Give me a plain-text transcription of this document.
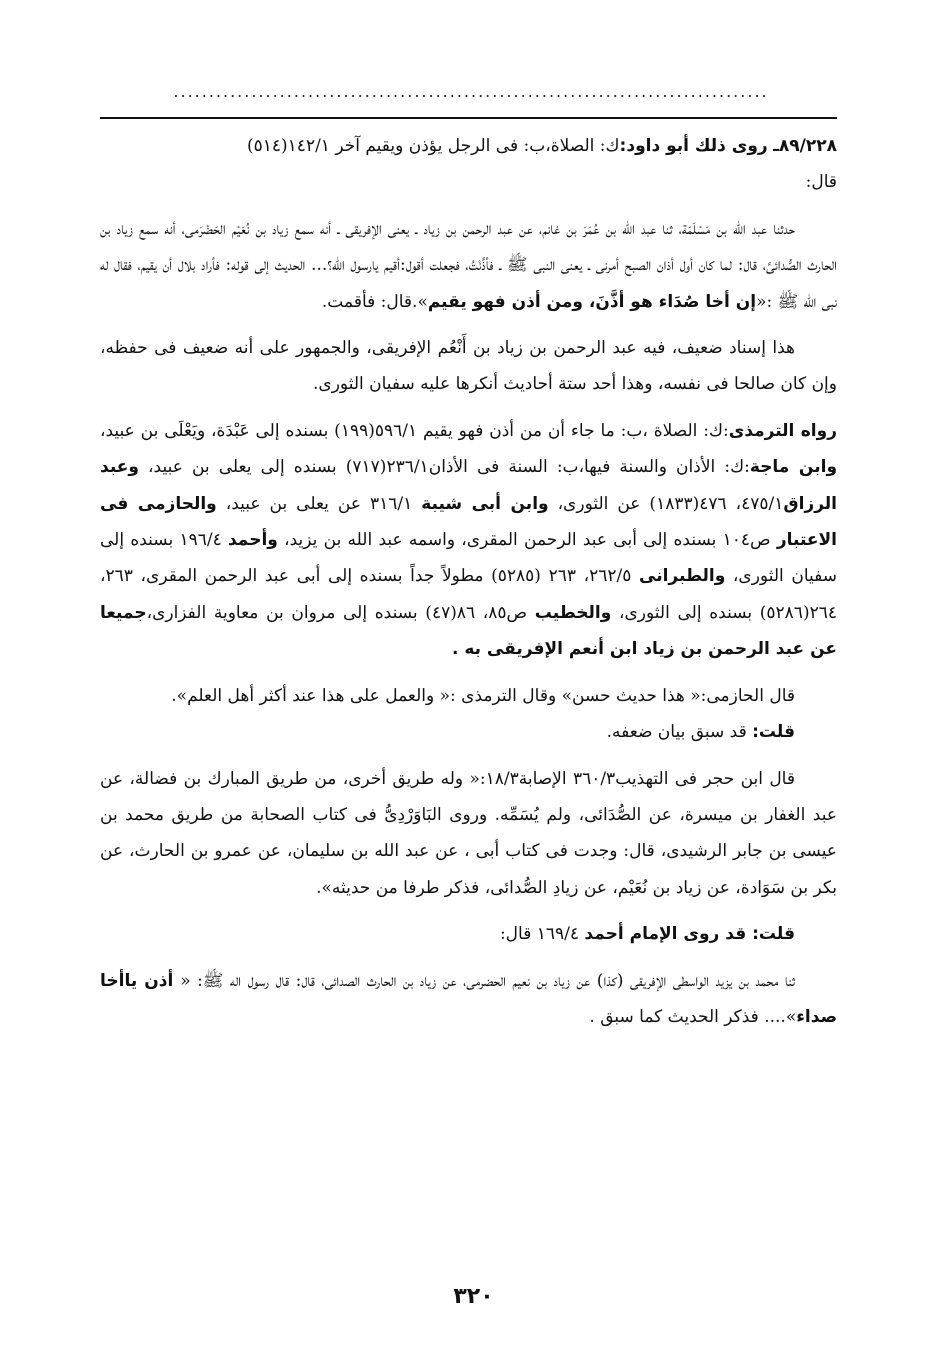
....................................................................................

٨٩/٢٢٨ـ روى ذلك أبو داود:ك: الصلاة،ب: فى الرجل يؤذن ويقيم آخر ١٤٢/١(٥١٤)
قال:

حدثنا عبد الله بن مَسْلَمَة، ثنا عبد الله بن عُمَرَ بن غانم، عن عبد الرحمن بن زياد ـ يعنى الإفريقى ـ أنه سمع زياد بن نُعَيْم الحَضْرَمى، أنه سمع زياد بن الحارث الصُّدائىَّ، قال: لما كان أول أذان الصبح أمرنى ـ يعنى النبى ﷺ ـ فأذَّنْتُ، فجعلت أقول:أقيم يارسول الله؟... الحديث إلى قوله: فأراد بلال أن يقيم، فقال له نبى الله ﷺ :«إن أخا صُدَاء هو أذَّنَ، ومن أذن فهو يقيم».قال: فأقمت.

هذا إسناد ضعيف، فيه عبد الرحمن بن زياد بن أَنْعُم الإفريقى، والجمهور على أنه ضعيف فى حفظه، وإن كان صالحا فى نفسه، وهذا أحد ستة أحاديث أنكرها عليه سفيان الثورى.

رواه الترمذى:ك: الصلاة ،ب: ما جاء أن من أذن فهو يقيم ٥٩٦/١(١٩٩) بسنده إلى عَبْدَة، ويَعْلَى بن عبيد، وابن ماجة:ك: الأذان والسنة فيها،ب: السنة فى الأذان٢٣٦/١(٧١٧) بسنده إلى يعلى بن عبيد، وعبد الرزاق٤٧٥/١، ٤٧٦(١٨٣٣) عن الثورى، وابن أبى شيبة ٣١٦/١ عن يعلى بن عبيد، والحازمى فى الاعتبار ص١٠٤ بسنده إلى أبى عبد الرحمن المقرى، واسمه عبد الله بن يزيد، وأحمد ١٩٦/٤ بسنده إلى سفيان الثورى، والطبرانى ٢٦٢/٥، ٢٦٣ (٥٢٨٥) مطولاً جداً بسنده إلى أبى عبد الرحمن المقرى، ٢٦٣، ٢٦٤(٥٢٨٦) بسنده إلى الثورى، والخطيب ص٨٥، ٨٦(٤٧) بسنده إلى مروان بن معاوية الفزارى،جميعا عن عبد الرحمن بن زياد ابن أنعم الإفريقى به .

قال الحازمى:« هذا حديث حسن» وقال الترمذى :« والعمل على هذا عند أكثر أهل العلم».

قلت: قد سبق بيان ضعفه.

قال ابن حجر فى التهذيب٣٦٠/٣ الإصابة١٨/٣:« وله طريق أخرى، من طريق المبارك بن فضالة، عن عبد الغفار بن ميسرة، عن الصُّدَائى، ولم يُسَمِّه. وروى البَاوَرْدِىُّ فى كتاب الصحابة من طريق محمد بن عيسى بن جابر الرشيدى، قال: وجدت فى كتاب أبى ، عن عبد الله بن سليمان، عن عمرو بن الحارث، عن بكر بن سَوَادة، عن زياد بن نُعَيْم، عن زيادِ الصُّدائى، فذكر طرفا من حديثه».

قلت: قد روى الإمام أحمد ١٦٩/٤ قال:

ثنا محمد بن يزيد الواسطى الإفريقى (كذا) عن زياد بن نعيم الحضرمى، عن زياد بن الحارث الصدائى، قال: قال رسول اله ﷺ: « أذن ياأخا صداء».... فذكر الحديث كما سبق .

٣٢٠
